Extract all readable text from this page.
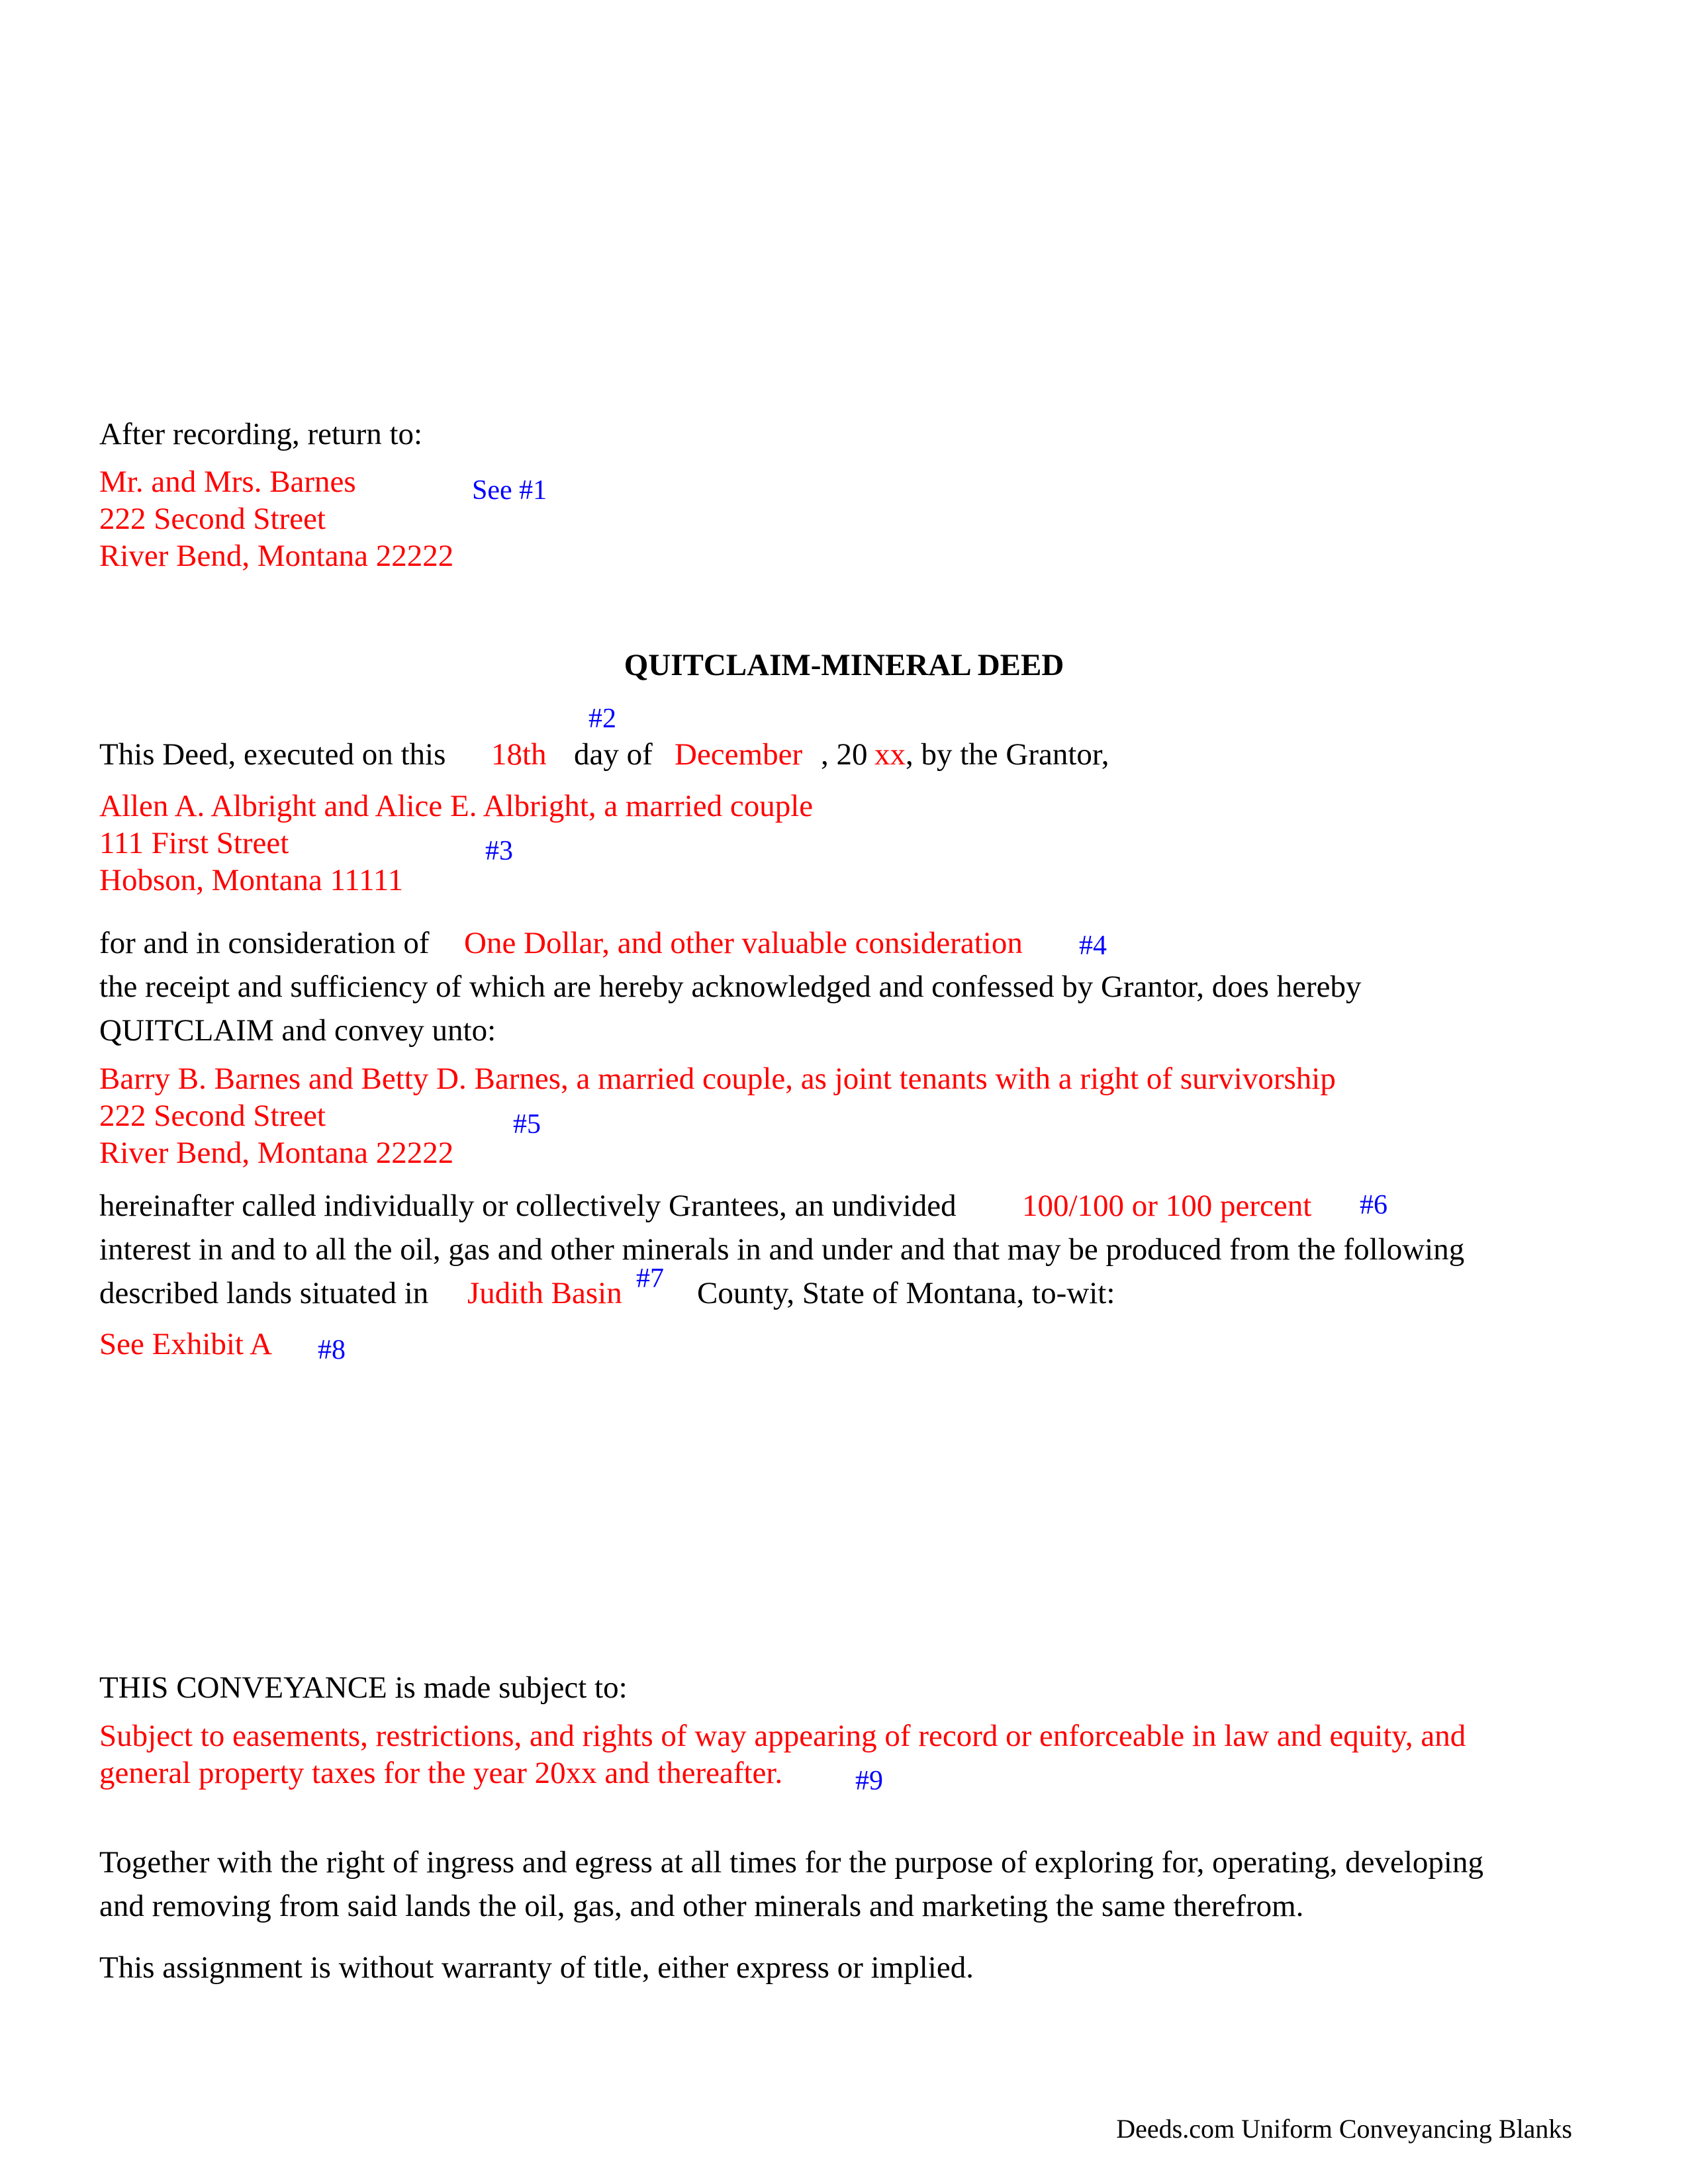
After recording, return to:
Mr. and Mrs. Barnes	See #1
222 Second Street
River Bend, Montana 22222
QUITCLAIM-MINERAL DEED
#2
This Deed, executed on this 18th day of December , 20 xx , by the Grantor,
Allen A. Albright and Alice E. Albright, a married couple
111 First Street	#3
Hobson, Montana 11111
for and in consideration of One Dollar, and other valuable consideration #4
the receipt and sufficiency of which are hereby acknowledged and confessed by Grantor, does hereby
QUITCLAIM and convey unto:
Barry B. Barnes and Betty D. Barnes, a married couple, as joint tenants with a right of survivorship
222 Second Street	#5
River Bend, Montana 22222
hereinafter called individually or collectively Grantees, an undivided 100/100 or 100 percent #6
interest in and to all the oil, gas and other minerals in and under and that may be produced from the following
described lands situated in Judith Basin #7 County, State of Montana, to-wit:
See Exhibit A #8
THIS CONVEYANCE is made subject to:
Subject to easements, restrictions, and rights of way appearing of record or enforceable in law and equity, and
general property taxes for the year 20xx and thereafter.	#9
Together with the right of ingress and egress at all times for the purpose of exploring for, operating, developing
and removing from said lands the oil, gas, and other minerals and marketing the same therefrom.
This assignment is without warranty of title, either express or implied.
Deeds.com Uniform Conveyancing Blanks
